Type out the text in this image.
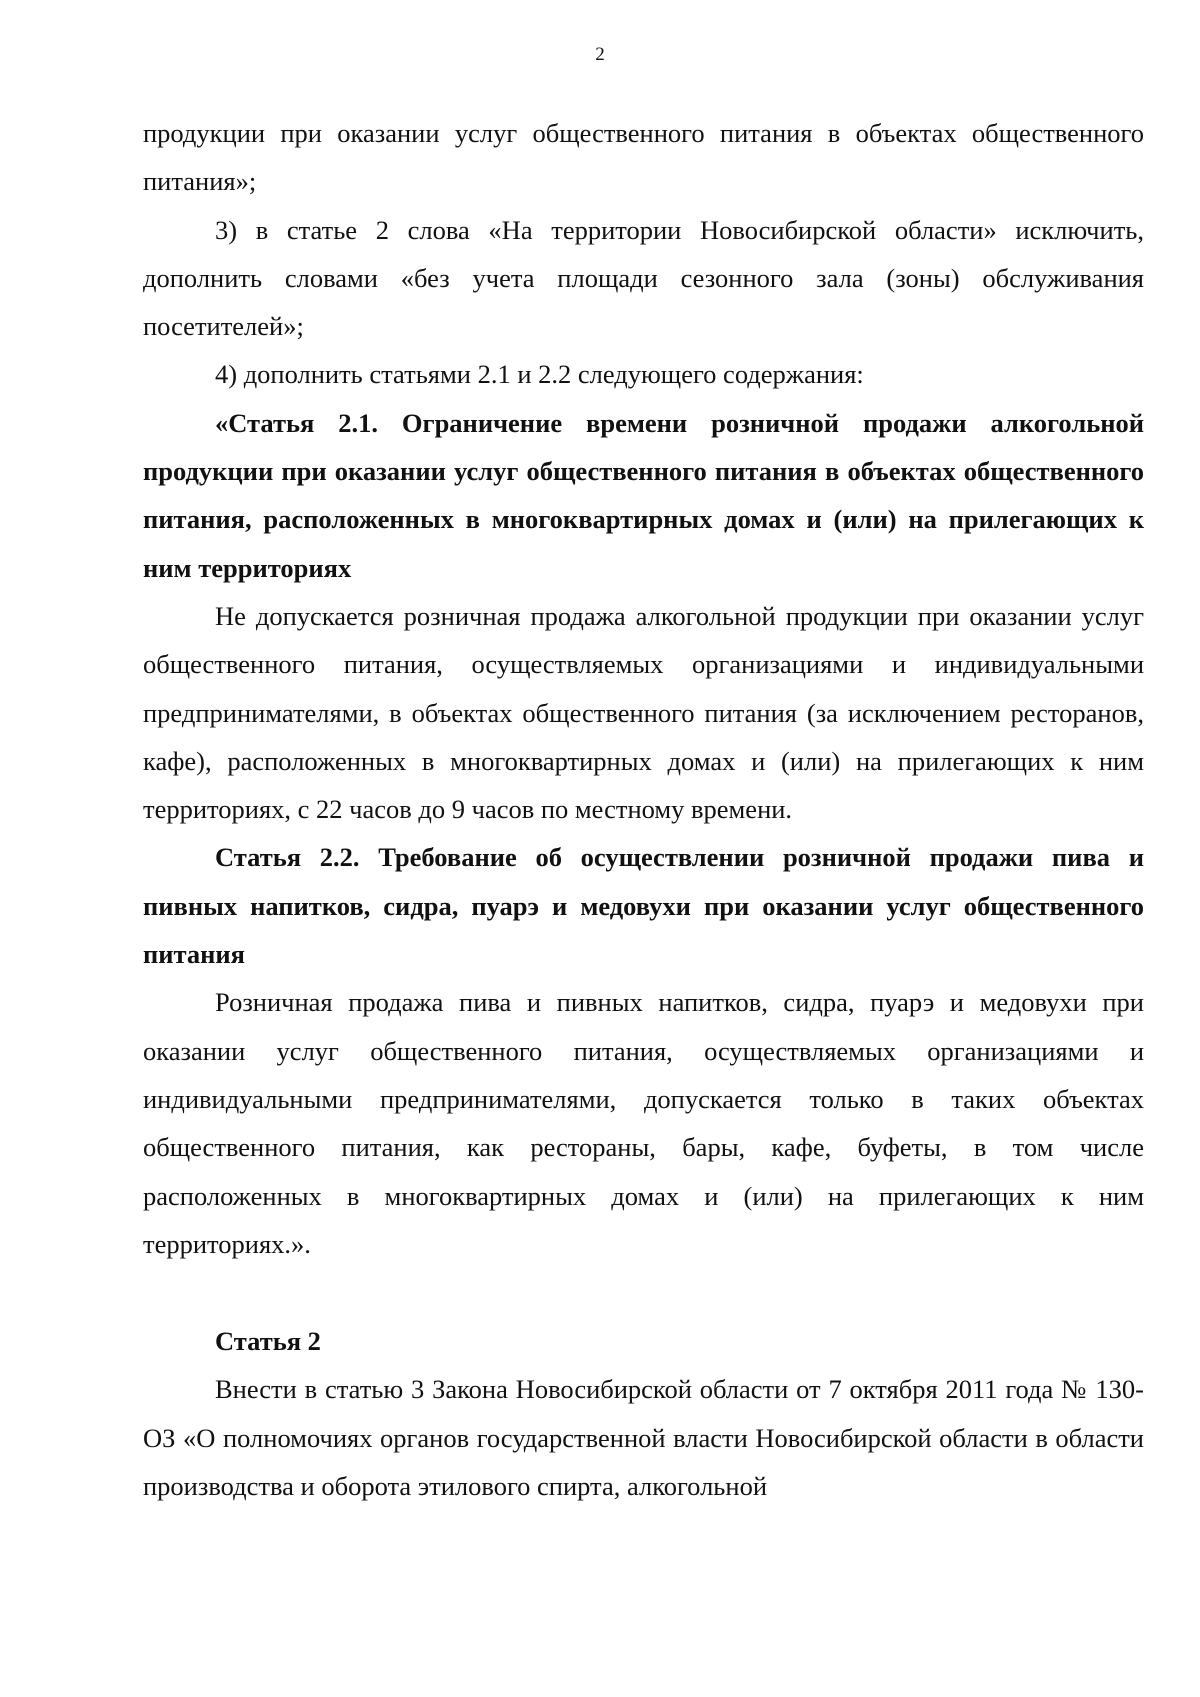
2

продукции при оказании услуг общественного питания в объектах общественного питания»;

3) в статье 2 слова «На территории Новосибирской области» исключить, дополнить словами «без учета площади сезонного зала (зоны) обслуживания посетителей»;

4) дополнить статьями 2.1 и 2.2 следующего содержания:

«Статья 2.1. Ограничение времени розничной продажи алкогольной продукции при оказании услуг общественного питания в объектах общественного питания, расположенных в многоквартирных домах и (или) на прилегающих к ним территориях

Не допускается розничная продажа алкогольной продукции при оказании услуг общественного питания, осуществляемых организациями и индивидуальными предпринимателями, в объектах общественного питания (за исключением ресторанов, кафе), расположенных в многоквартирных домах и (или) на прилегающих к ним территориях, с 22 часов до 9 часов по местному времени.

Статья 2.2. Требование об осуществлении розничной продажи пива и пивных напитков, сидра, пуарэ и медовухи при оказании услуг общественного питания

Розничная продажа пива и пивных напитков, сидра, пуарэ и медовухи при оказании услуг общественного питания, осуществляемых организациями и индивидуальными предпринимателями, допускается только в таких объектах общественного питания, как рестораны, бары, кафе, буфеты, в том числе расположенных в многоквартирных домах и (или) на прилегающих к ним территориях.».

Статья 2

Внести в статью 3 Закона Новосибирской области от 7 октября 2011 года № 130-ОЗ «О полномочиях органов государственной власти Новосибирской области в области производства и оборота этилового спирта, алкогольной
